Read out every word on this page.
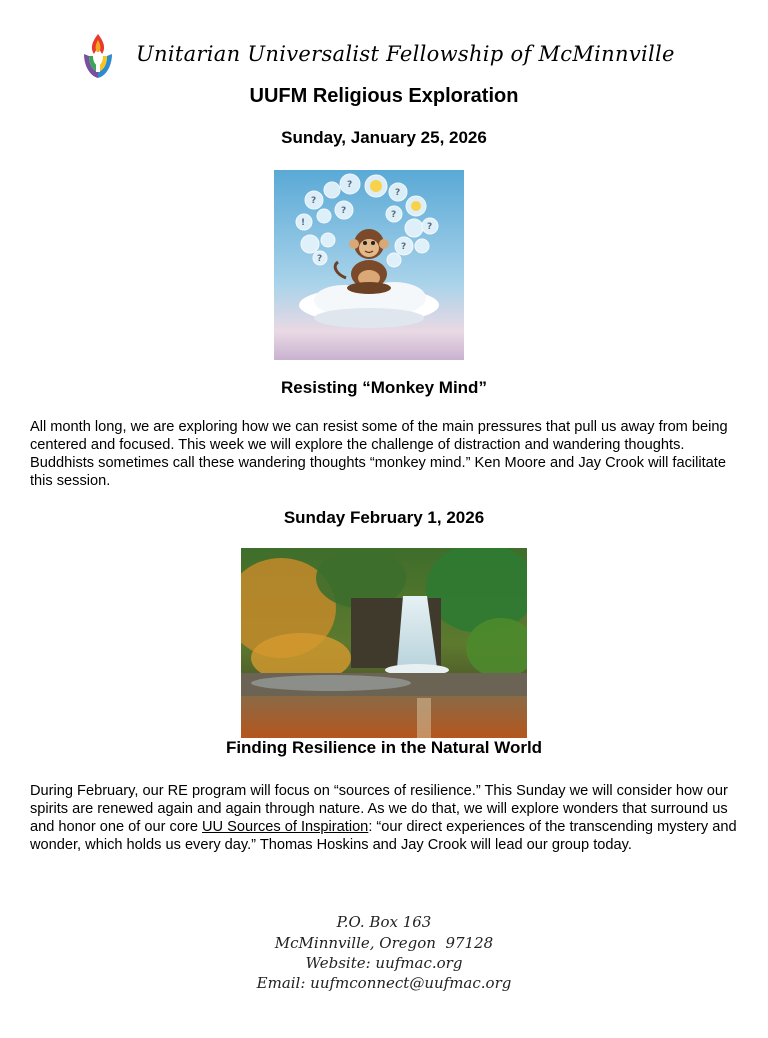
Unitarian Universalist Fellowship of McMinnville
UUFM Religious Exploration
Sunday, January 25, 2026
?
?
?
!
?	?
?
?
?
Resisting “Monkey Mind”
All month long, we are exploring how we can resist some of the main pressures that pull us away from being centered and focused. This week we will explore the challenge of distraction and wandering thoughts. Buddhists sometimes call these wandering thoughts “monkey mind.” Ken Moore and Jay Crook will facilitate this session.
Sunday February 1, 2026
Finding Resilience in the Natural World
During February, our RE program will focus on “sources of resilience.” This Sunday we will consider how our spirits are renewed again and again through nature. As we do that, we will explore wonders that surround us and honor one of our core UU Sources of Inspiration: “our direct experiences of the transcending mystery and wonder, which holds us every day.” Thomas Hoskins and Jay Crook will lead our group today.
P.O. Box 163
McMinnville, Oregon  97128
Website: uufmac.org
Email: uufmconnect@uufmac.org
